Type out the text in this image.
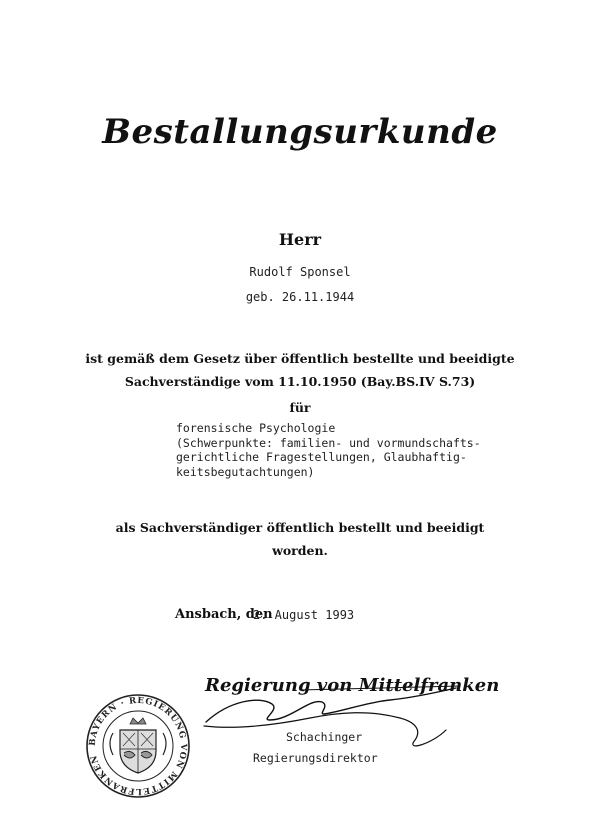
Bestallungsurkunde
Herr
Rudolf Sponsel
geb. 26.11.1944
ist gemäß dem Gesetz über öffentlich bestellte und beeidigte
Sachverständige vom 11.10.1950 (Bay.BS.IV S.73)
für
forensische Psychologie
(Schwerpunkte: familien- und vormundschafts-
gerichtliche Fragestellungen, Glaubhaftig-
keitsbegutachtungen)
als Sachverständiger öffentlich bestellt und beeidigt
worden.
Ansbach, den
2. August 1993
Regierung von Mittelfranken
BAYERN · REGIERUNG VON MITTELFRANKEN
Schachinger
Regierungsdirektor
